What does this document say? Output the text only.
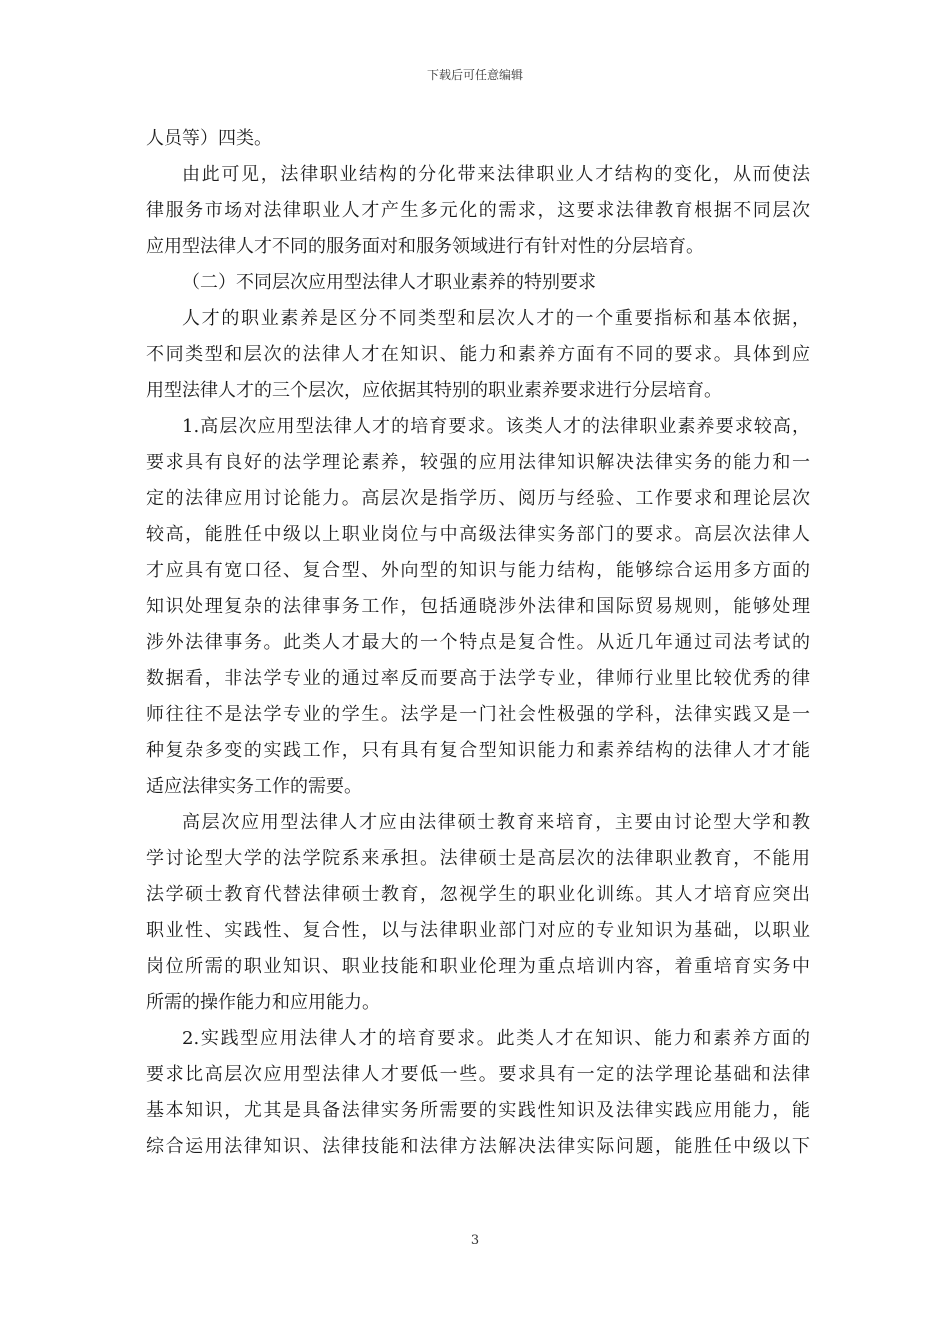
下载后可任意编辑
人员等）四类。
由此可见，法律职业结构的分化带来法律职业人才结构的变化，从而使法
律服务市场对法律职业人才产生多元化的需求，这要求法律教育根据不同层次
应用型法律人才不同的服务面对和服务领域进行有针对性的分层培育。
（二）不同层次应用型法律人才职业素养的特别要求
人才的职业素养是区分不同类型和层次人才的一个重要指标和基本依据，
不同类型和层次的法律人才在知识、能力和素养方面有不同的要求。具体到应
用型法律人才的三个层次，应依据其特别的职业素养要求进行分层培育。
1.高层次应用型法律人才的培育要求。该类人才的法律职业素养要求较高，
要求具有良好的法学理论素养，较强的应用法律知识解决法律实务的能力和一
定的法律应用讨论能力。高层次是指学历、阅历与经验、工作要求和理论层次
较高，能胜任中级以上职业岗位与中高级法律实务部门的要求。高层次法律人
才应具有宽口径、复合型、外向型的知识与能力结构，能够综合运用多方面的
知识处理复杂的法律事务工作，包括通晓涉外法律和国际贸易规则，能够处理
涉外法律事务。此类人才最大的一个特点是复合性。从近几年通过司法考试的
数据看，非法学专业的通过率反而要高于法学专业，律师行业里比较优秀的律
师往往不是法学专业的学生。法学是一门社会性极强的学科，法律实践又是一
种复杂多变的实践工作，只有具有复合型知识能力和素养结构的法律人才才能
适应法律实务工作的需要。
高层次应用型法律人才应由法律硕士教育来培育，主要由讨论型大学和教
学讨论型大学的法学院系来承担。法律硕士是高层次的法律职业教育，不能用
法学硕士教育代替法律硕士教育，忽视学生的职业化训练。其人才培育应突出
职业性、实践性、复合性，以与法律职业部门对应的专业知识为基础，以职业
岗位所需的职业知识、职业技能和职业伦理为重点培训内容，着重培育实务中
所需的操作能力和应用能力。
2.实践型应用法律人才的培育要求。此类人才在知识、能力和素养方面的
要求比高层次应用型法律人才要低一些。要求具有一定的法学理论基础和法律
基本知识，尤其是具备法律实务所需要的实践性知识及法律实践应用能力，能
综合运用法律知识、法律技能和法律方法解决法律实际问题，能胜任中级以下
3
